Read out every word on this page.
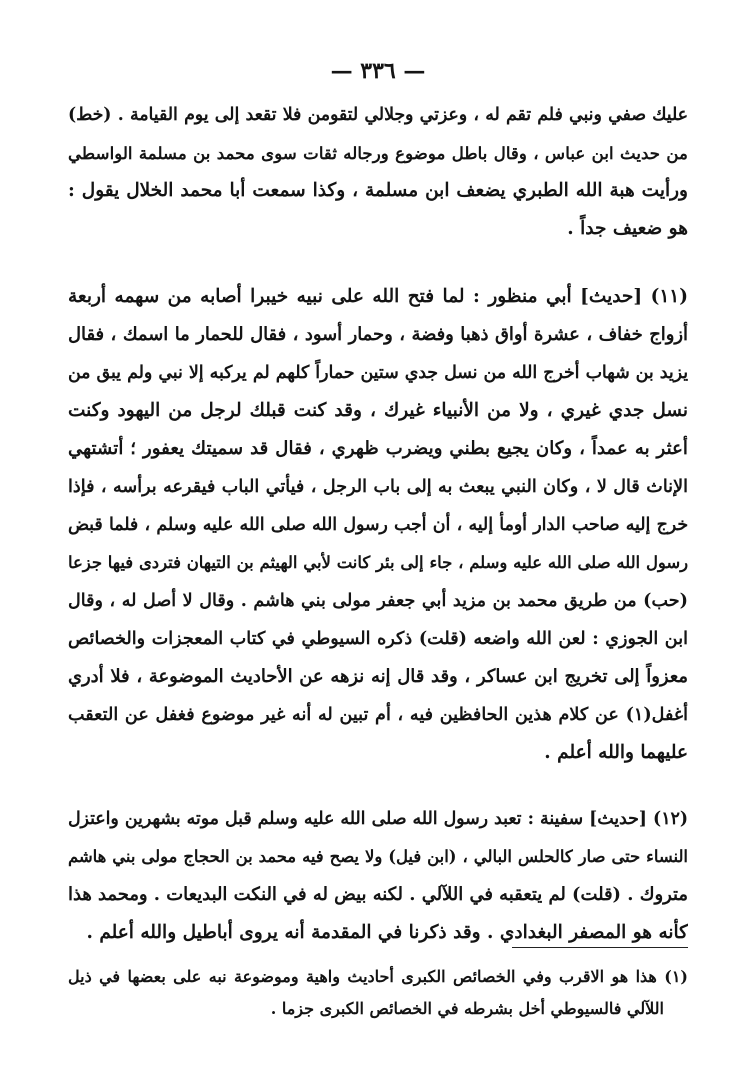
— ٣٣٦ —
عليك صفي ونبي فلم تقم له ، وعزتي وجلالي لتقومن فلا تقعد إلى يوم القيامة . (خط)
من حديث ابن عباس ، وقال باطل موضوع ورجاله ثقات سوى محمد بن مسلمة الواسطي
ورأيت هبة الله الطبري يضعف ابن مسلمة ، وكذا سمعت أبا محمد الخلال يقول :
هو ضعيف جداً .
(١١) [حديث] أبي منظور : لما فتح الله على نبيه خيبرا أصابه من سهمه أربعة
أزواج خفاف ، عشرة أواق ذهبا وفضة ، وحمار أسود ، فقال للحمار ما اسمك ، فقال
يزيد بن شهاب أخرج الله من نسل جدي ستين حماراً كلهم لم يركبه إلا نبي ولم يبق من
نسل جدي غيري ، ولا من الأنبياء غيرك ، وقد كنت قبلك لرجل من اليهود وكنت
أعثر به عمداً ، وكان يجيع بطني ويضرب ظهري ، فقال قد سميتك يعفور ؛ أتشتهي
الإناث قال لا ، وكان النبي يبعث به إلى باب الرجل ، فيأتي الباب فيقرعه برأسه ، فإذا
خرج إليه صاحب الدار أومأ إليه ، أن أجب رسول الله صلى الله عليه وسلم ، فلما قبض
رسول الله صلى الله عليه وسلم ، جاء إلى بئر كانت لأبي الهيثم بن التيهان فتردى فيها جزعا
(حب) من طريق محمد بن مزيد أبي جعفر مولى بني هاشم . وقال لا أصل له ، وقال
ابن الجوزي : لعن الله واضعه (قلت) ذكره السيوطي في كتاب المعجزات والخصائص
معزواً إلى تخريج ابن عساكر ، وقد قال إنه نزهه عن الأحاديث الموضوعة ، فلا أدري
أغفل(١) عن كلام هذين الحافظين فيه ، أم تبين له أنه غير موضوع فغفل عن التعقب
عليهما والله أعلم .
(١٢) [حديث] سفينة : تعبد رسول الله صلى الله عليه وسلم قبل موته بشهرين واعتزل
النساء حتى صار كالحلس البالي ، (ابن فيل) ولا يصح فيه محمد بن الحجاج مولى بني هاشم
متروك . (قلت) لم يتعقبه في اللآلي . لكنه بيض له في النكت البديعات . ومحمد هذا
كأنه هو المصفر البغدادي . وقد ذكرنا في المقدمة أنه يروى أباطيل والله أعلم .
(١) هذا هو الاقرب وفي الخصائص الكبرى أحاديث واهية وموضوعة نبه على بعضها في ذيل
اللآلي فالسيوطي أخل بشرطه في الخصائص الكبرى جزما .
